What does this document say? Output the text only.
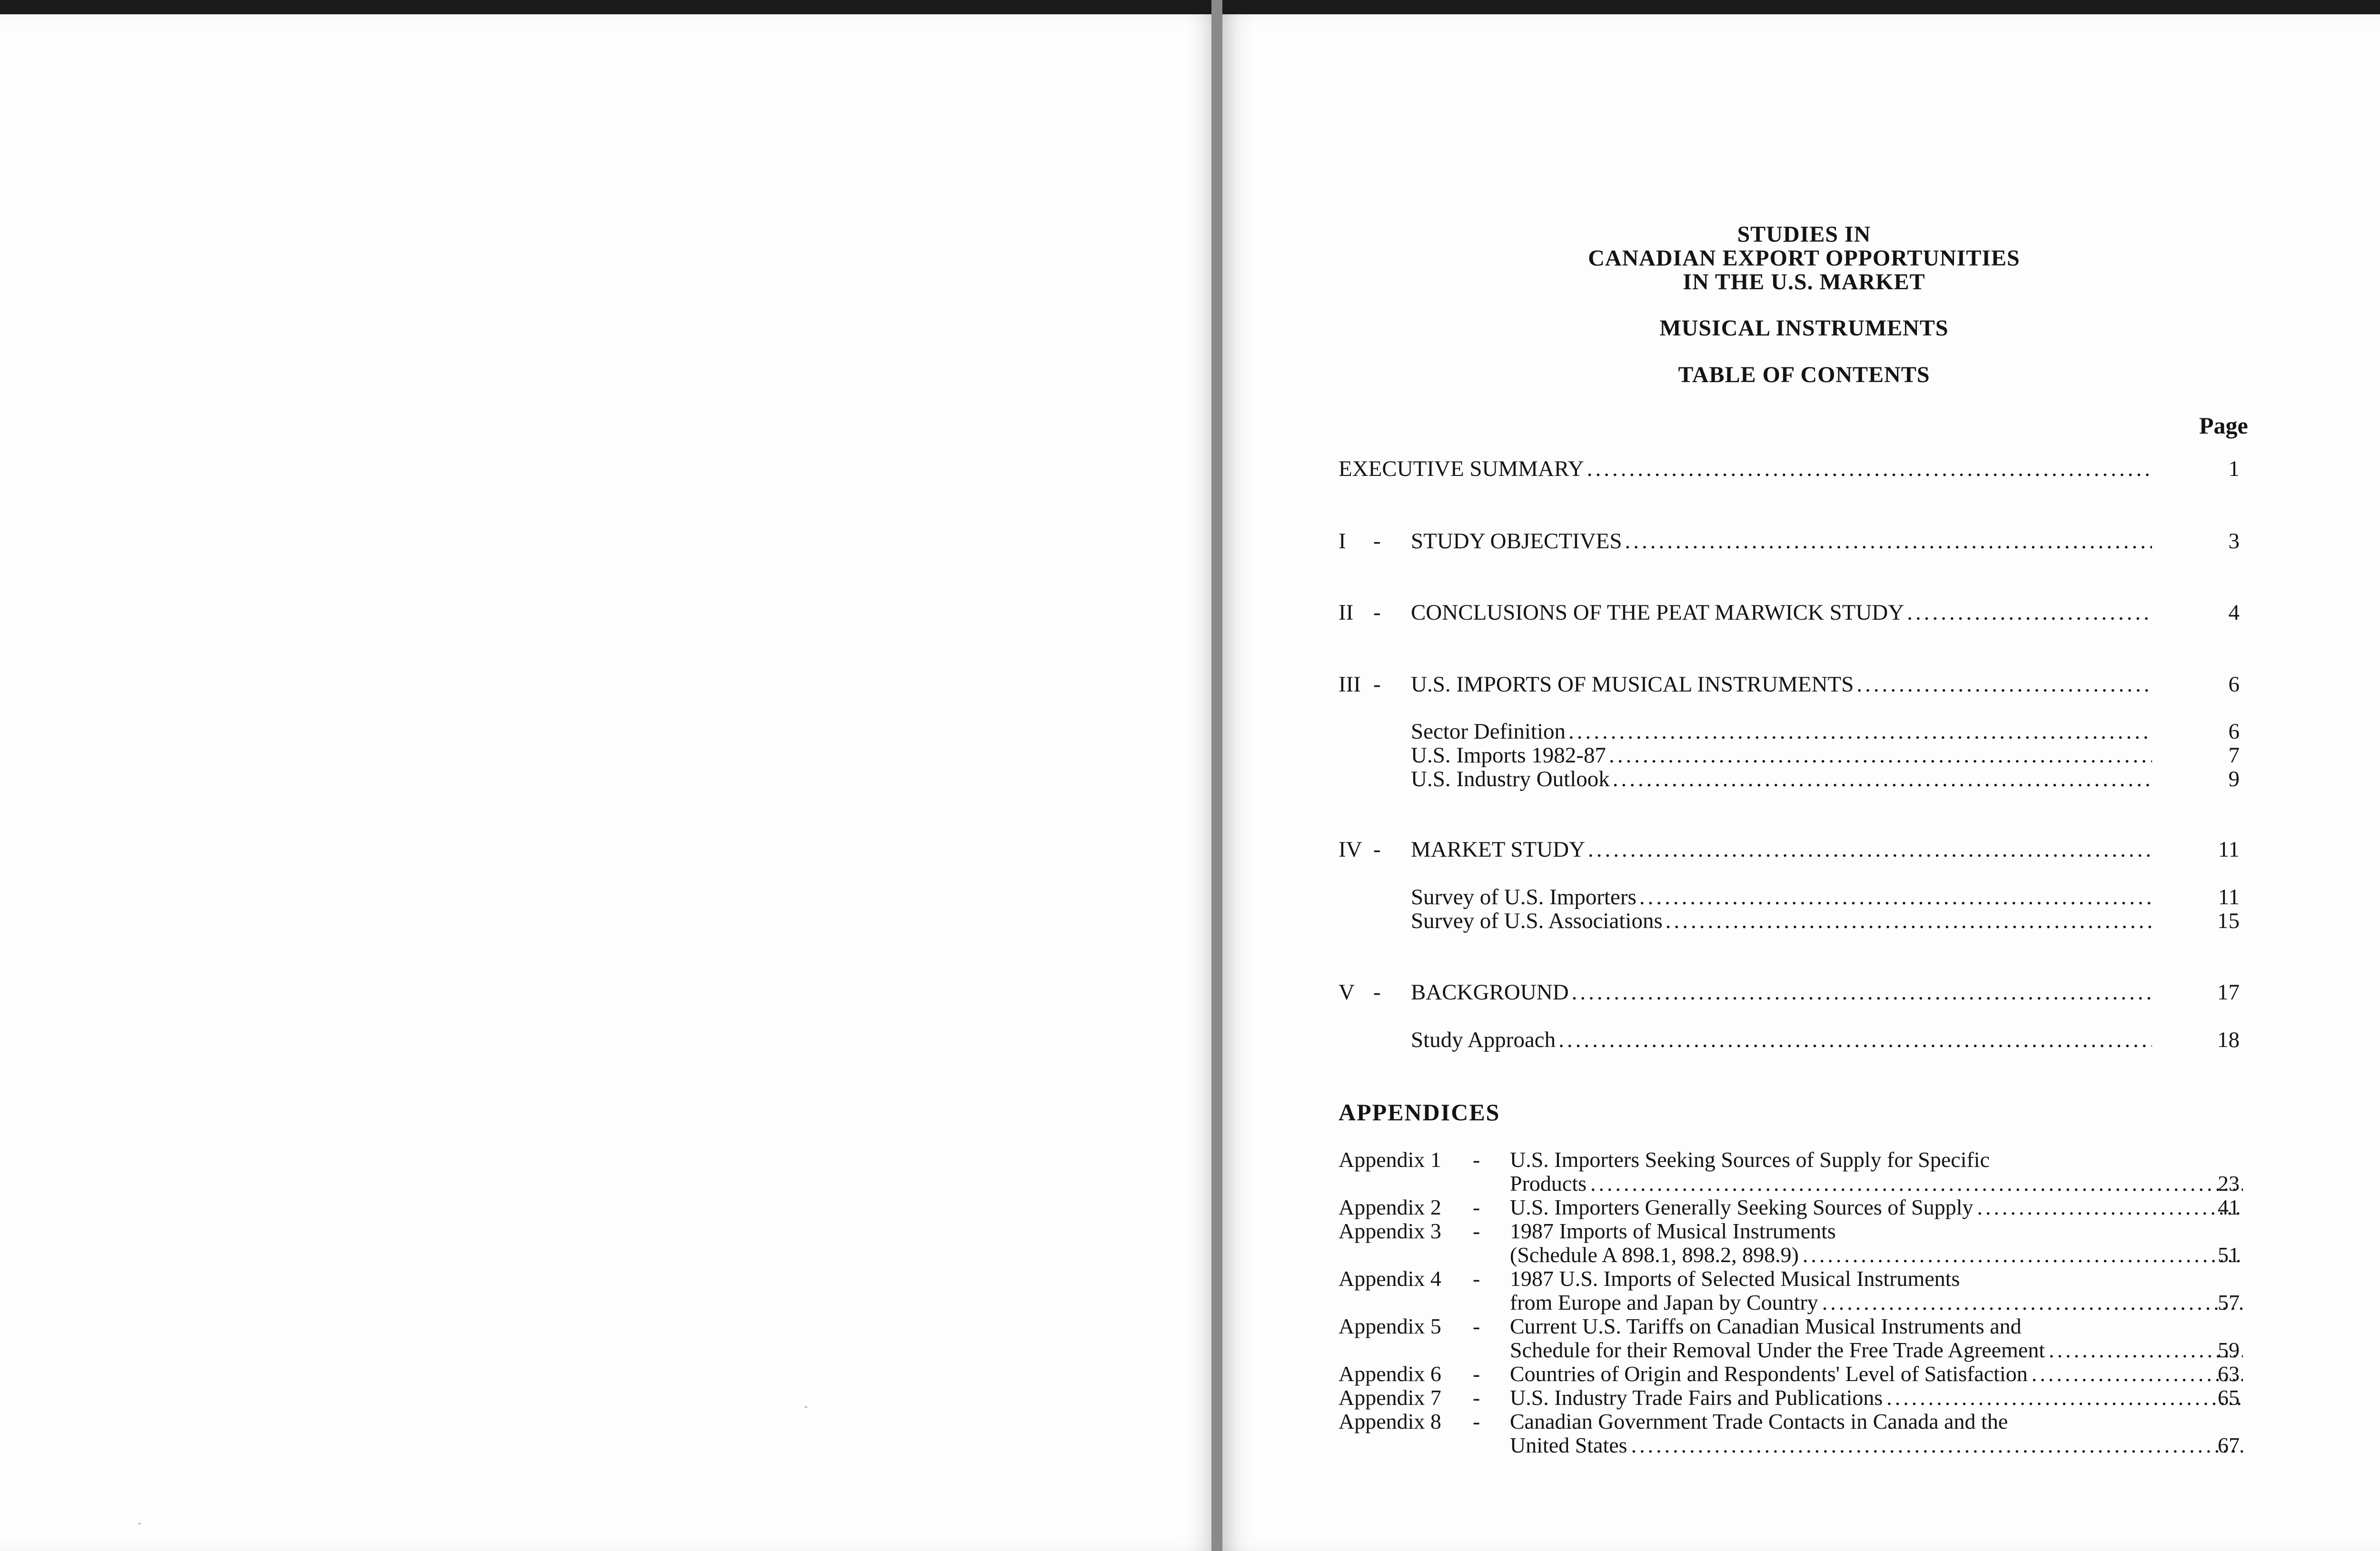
STUDIES IN
CANADIAN EXPORT OPPORTUNITIES
IN THE U.S. MARKET
MUSICAL INSTRUMENTS
TABLE OF CONTENTS
Page
EXECUTIVE SUMMARY .....	1
I - STUDY OBJECTIVES .....	3
II - CONCLUSIONS OF THE PEAT MARWICK STUDY .....	4
III - U.S. IMPORTS OF MUSICAL INSTRUMENTS .....	6
Sector Definition .....	6
U.S. Imports 1982-87 .....	7
U.S. Industry Outlook .....	9
IV - MARKET STUDY .....	11
Survey of U.S. Importers .....	11
Survey of U.S. Associations .....	15
V - BACKGROUND .....	17
Study Approach .....	18
APPENDICES
Appendix 1 - U.S. Importers Seeking Sources of Supply for Specific
Products .....	23
Appendix 2 - U.S. Importers Generally Seeking Sources of Supply .....	41
Appendix 3 - 1987 Imports of Musical Instruments
(Schedule A 898.1, 898.2, 898.9) .....	51
Appendix 4 - 1987 U.S. Imports of Selected Musical Instruments
from Europe and Japan by Country .....	57
Appendix 5 - Current U.S. Tariffs on Canadian Musical Instruments and
Schedule for their Removal Under the Free Trade Agreement .....	59
Appendix 6 - Countries of Origin and Respondents' Level of Satisfaction .....	63
Appendix 7 - U.S. Industry Trade Fairs and Publications .....	65
Appendix 8 - Canadian Government Trade Contacts in Canada and the
United States .....	67
